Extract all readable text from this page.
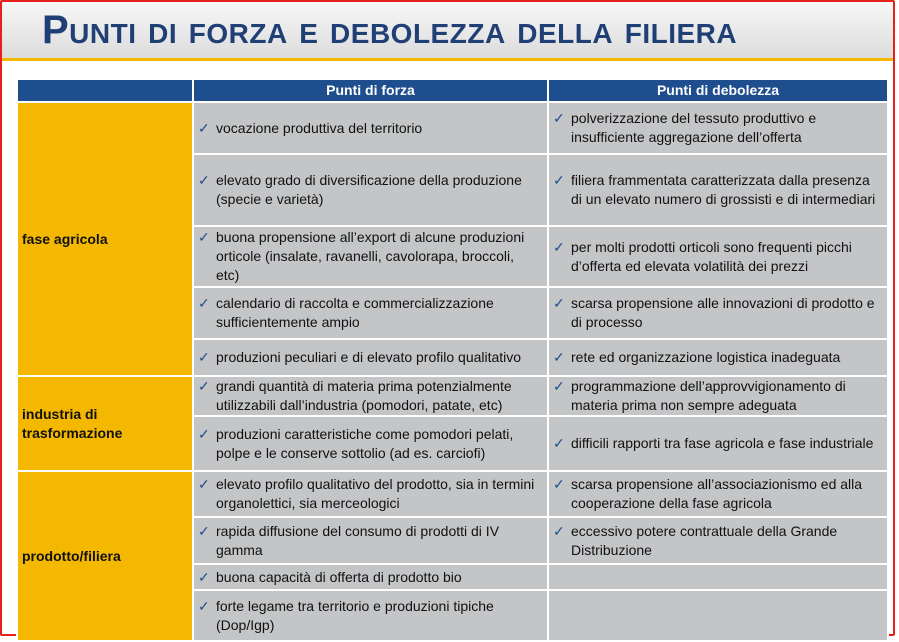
Punti di forza e debolezza della filiera
	Punti di forza	Punti di debolezza
fase agricola	✓ vocazione produttiva del territorio	✓ polverizzazione del tessuto produttivo e insufficiente aggregazione dell’offerta

	✓ elevato grado di diversificazione della produzione (specie e varietà)	✓ filiera frammentata caratterizzata dalla presenza di un elevato numero di grossisti e di intermediari

	✓ buona propensione all’export di alcune produzioni orticole (insalate, ravanelli, cavolorapa, broccoli, etc)	✓ per molti prodotti orticoli sono frequenti picchi d’offerta ed elevata volatilità dei prezzi

	✓ calendario di raccolta e commercializzazione sufficientemente ampio	✓ scarsa propensione alle innovazioni di prodotto e di processo

	✓ produzioni peculiari e di elevato profilo qualitativo	✓ rete ed organizzazione logistica inadeguata

industria di trasformazione	✓ grandi quantità di materia prima potenzialmente utilizzabili dall’industria (pomodori, patate, etc)	✓ programmazione dell’approvvigionamento di materia prima non sempre adeguata

	✓ produzioni caratteristiche come pomodori pelati, polpe e le conserve sottolio (ad es. carciofi)	✓ difficili rapporti tra fase agricola e fase industriale

prodotto/filiera	✓ elevato profilo qualitativo del prodotto, sia in termini organolettici, sia merceologici	✓ scarsa propensione all’associazionismo ed alla cooperazione della fase agricola

	✓ rapida diffusione del consumo di prodotti di IV gamma	✓ eccessivo potere contrattuale della Grande Distribuzione

	✓ buona capacità di offerta di prodotto bio	

	✓ forte legame tra territorio e produzioni tipiche (Dop/Igp)	
